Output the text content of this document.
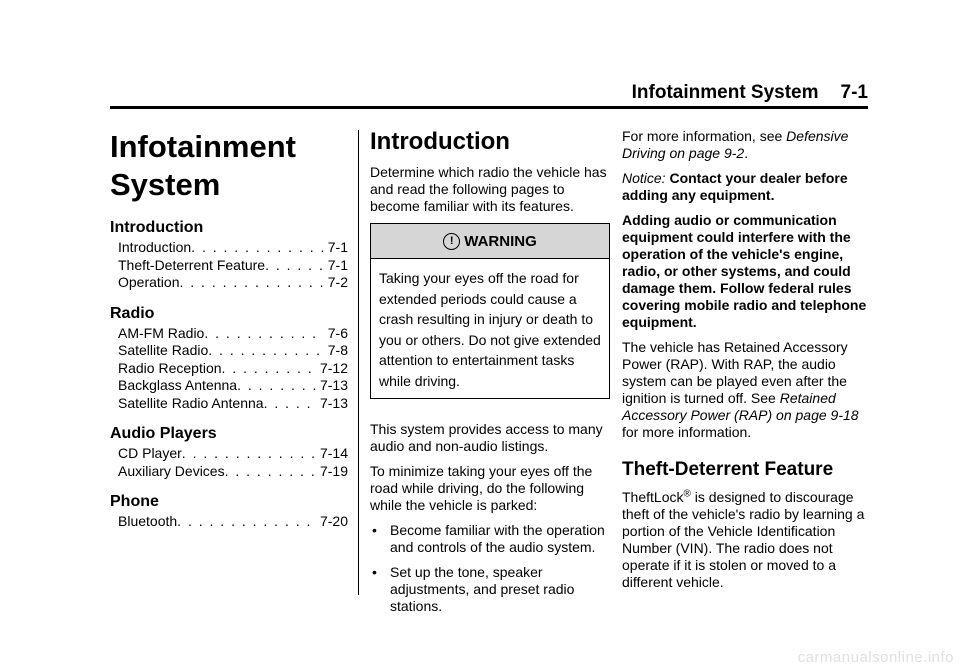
Infotainment System 7-1
Infotainment
System
Introduction
Introduction . . .	7-1
Theft-Deterrent Feature . . .	7-1
Operation . . .	7-2
Radio
AM-FM Radio . . .	7-6
Satellite Radio . . .	7-8
Radio Reception . . .	7-12
Backglass Antenna . . .	7-13
Satellite Radio Antenna . . .	7-13
Audio Players
CD Player . . .	7-14
Auxiliary Devices . . .	7-19
Phone
Bluetooth . . .	7-20
Introduction

Determine which radio the vehicle has and read the following pages to become familiar with its features.

! WARNING
Taking your eyes off the road for extended periods could cause a crash resulting in injury or death to you or others. Do not give extended attention to entertainment tasks while driving.

This system provides access to many audio and non-audio listings.

To minimize taking your eyes off the road while driving, do the following while the vehicle is parked:

• Become familiar with the operation and controls of the audio system.
• Set up the tone, speaker adjustments, and preset radio stations.

For more information, see Defensive Driving on page 9-2.

Notice: Contact your dealer before adding any equipment.

Adding audio or communication equipment could interfere with the operation of the vehicle's engine, radio, or other systems, and could damage them. Follow federal rules covering mobile radio and telephone equipment.

The vehicle has Retained Accessory Power (RAP). With RAP, the audio system can be played even after the ignition is turned off. See Retained Accessory Power (RAP) on page 9-18 for more information.

Theft-Deterrent Feature

TheftLock® is designed to discourage theft of the vehicle's radio by learning a portion of the Vehicle Identification Number (VIN). The radio does not operate if it is stolen or moved to a different vehicle.

carmanualsonline.info
